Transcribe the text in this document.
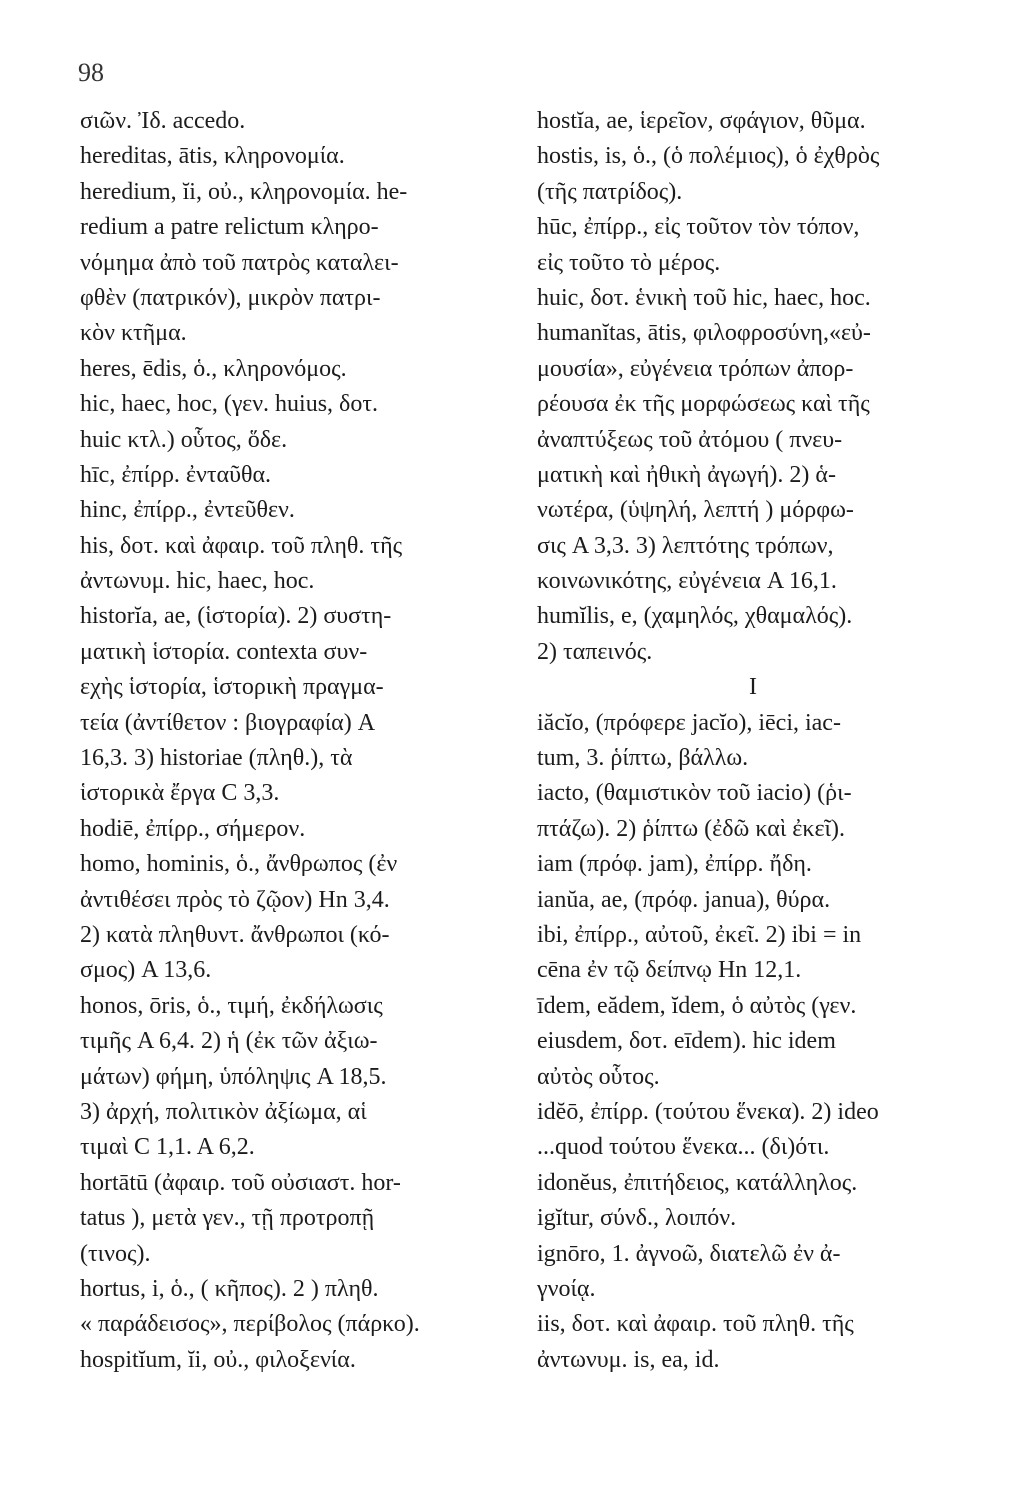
98
σιῶν. Ἰδ. accedo.
hereditas, ātis, κληρονομία.
heredium, ĭi, οὐ., κληρονομία. he-
redium a patre relictum κληρο-
νόμημα ἀπὸ τοῦ πατρὸς καταλει-
φθὲν (πατρικόν), μικρὸν πατρι-
κὸν κτῆμα.
heres, ēdis, ὁ., κληρονόμος.
hic, haec, hoc, (γεν. huius, δοτ.
huic κτλ.) οὗτος, ὅδε.
hīc, ἐπίρρ. ἐνταῦθα.
hinc, ἐπίρρ., ἐντεῦθεν.
his, δοτ. καὶ ἀφαιρ. τοῦ πληθ. τῆς
ἀντωνυμ. hic, haec, hoc.
historĭa, ae, (ἱστορία). 2) συστη-
ματικὴ ἱστορία. contexta συν-
εχὴς ἱστορία, ἱστορικὴ πραγμα-
τεία (ἀντίθετον : βιογραφία) A
16,3. 3) historiae (πληθ.), τὰ
ἱστορικὰ ἔργα C 3,3.
hodiē, ἐπίρρ., σήμερον.
homo, hominis, ὁ., ἄνθρωπος (ἐν
ἀντιθέσει πρὸς τὸ ζῷον) Hn 3,4.
2) κατὰ πληθυντ. ἄνθρωποι (κό-
σμος) A 13,6.
honos, ōris, ὁ., τιμή, ἐκδήλωσις
τιμῆς A 6,4. 2) ἡ (ἐκ τῶν ἀξιω-
μάτων) φήμη, ὑπόληψις A 18,5.
3) ἀρχή, πολιτικὸν ἀξίωμα, αἱ
τιμαὶ C 1,1. A 6,2.
hortātū (ἀφαιρ. τοῦ οὐσιαστ. hor-
tatus ), μετὰ γεν., τῇ προτροπῇ
(τινος).
hortus, i, ὁ., ( κῆπος). 2 ) πληθ.
« παράδεισος», περίβολος (πάρκο).
hospitĭum, ĭi, οὐ., φιλοξενία.
hostĭa, ae, ἱερεῖον, σφάγιον, θῦμα.
hostis, is, ὁ., (ὁ πολέμιος), ὁ ἐχθρὸς
(τῆς πατρίδος).
hūc, ἐπίρρ., εἰς τοῦτον τὸν τόπον,
εἰς τοῦτο τὸ μέρος.
huic, δοτ. ἑνικὴ τοῦ hic, haec, hoc.
humanĭtas, ātis, φιλοφροσύνη,«εὐ-
μουσία», εὐγένεια τρόπων ἀπορ-
ρέουσα ἐκ τῆς μορφώσεως καὶ τῆς
ἀναπτύξεως τοῦ ἀτόμου ( πνευ-
ματικὴ καὶ ἠθικὴ ἀγωγή). 2) ἁ-
νωτέρα, (ὑψηλή, λεπτή ) μόρφω-
σις A 3,3. 3) λεπτότης τρόπων,
κοινωνικότης, εὐγένεια A 16,1.
humĭlis, e, (χαμηλός, χθαμαλός).
2) ταπεινός.
I
iăcĭo, (πρόφερε jacĭo), iēci, iac-
tum, 3. ῥίπτω, βάλλω.
iacto, (θαμιστικὸν τοῦ iacio) (ῥι-
πτάζω). 2) ῥίπτω (ἐδῶ καὶ ἐκεῖ).
iam (πρόφ. jam), ἐπίρρ. ἤδη.
ianŭa, ae, (πρόφ. janua), θύρα.
ibi, ἐπίρρ., αὐτοῦ, ἐκεῖ. 2) ibi = in
cēna ἐν τῷ δείπνῳ Hn 12,1.
īdem, eădem, ĭdem, ὁ αὐτὸς (γεν.
eiusdem, δοτ. eīdem). hic idem
αὐτὸς οὗτος.
idĕō, ἐπίρρ. (τούτου ἕνεκα). 2) ideo
...quod τούτου ἕνεκα... (δι)ότι.
idonĕus, ἐπιτήδειος, κατάλληλος.
igĭtur, σύνδ., λοιπόν.
ignōro, 1. ἀγνοῶ, διατελῶ ἐν ἀ-
γνοίᾳ.
iis, δοτ. καὶ ἀφαιρ. τοῦ πληθ. τῆς
ἀντωνυμ. is, ea, id.
